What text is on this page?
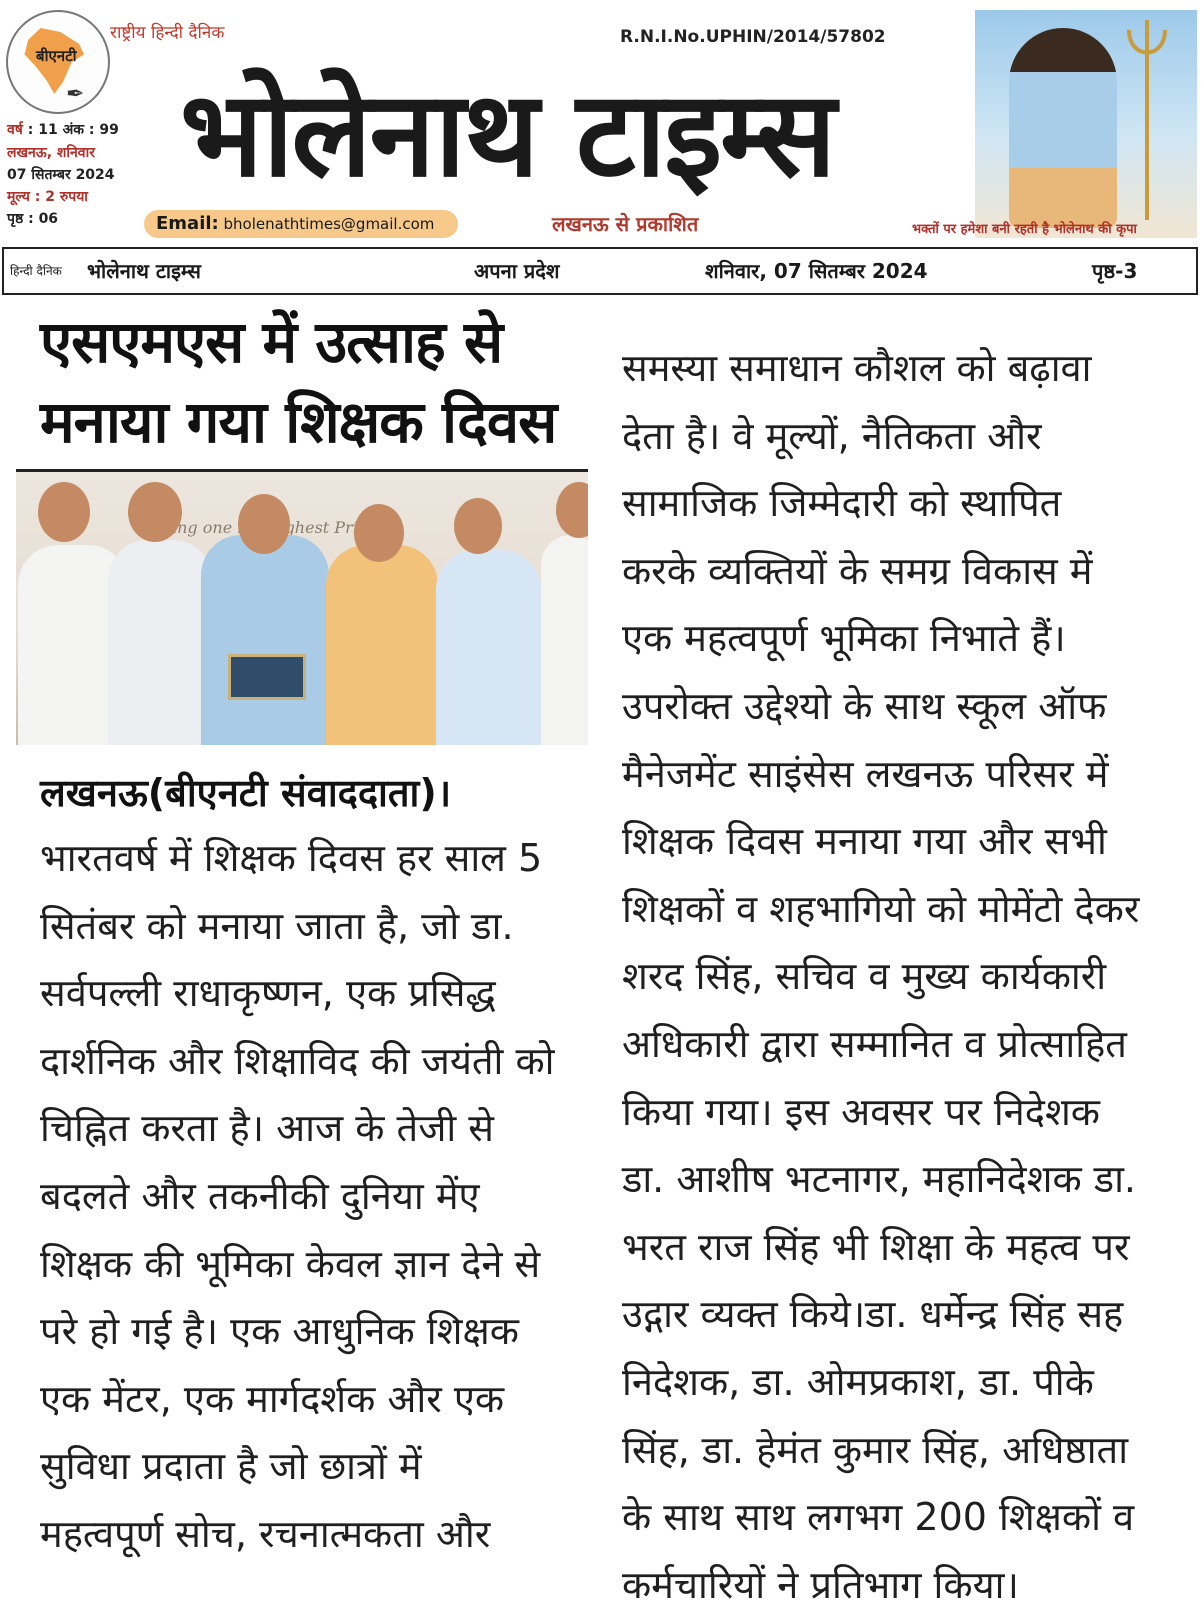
बीएनटी
✒
राष्ट्रीय हिन्दी दैनिक
वर्ष : 11 अंक : 99
लखनऊ, शनिवार
07 सितम्बर 2024
मूल्य : 2 रुपया
पृष्ठ : 06
R.N.I.No.UPHIN/2014/57802
भोलेनाथ टाइम्स
Email: bholenathtimes@gmail.com	लखनऊ से प्रकाशित	भक्तों पर हमेशा बनी रहती है भोलेनाथ की कृपा
हिन्दी दैनिक भोलेनाथ टाइम्स	अपना प्रदेश	शनिवार, 07 सितम्बर 2024	पृष्ठ-3
एसएमएस में उत्साह से मनाया गया शिक्षक दिवस
one …ighest
लखनऊ(बीएनटी संवाददाता)।

भारतवर्ष में शिक्षक दिवस हर साल 5
सितंबर को मनाया जाता है, जो डा.
सर्वपल्ली राधाकृष्णन, एक प्रसिद्ध
दार्शनिक और शिक्षाविद की जयंती को
चिह्नित करता है। आज के तेजी से
बदलते और तकनीकी दुनिया मेंए
शिक्षक की भूमिका केवल ज्ञान देने से
परे हो गई है। एक आधुनिक शिक्षक
एक मेंटर, एक मार्गदर्शक और एक
सुविधा प्रदाता है जो छात्रों में
महत्वपूर्ण सोच, रचनात्मकता और

समस्या समाधान कौशल को बढ़ावा
देता है। वे मूल्यों, नैतिकता और
सामाजिक जिम्मेदारी को स्थापित
करके व्यक्तियों के समग्र विकास में
एक महत्वपूर्ण भूमिका निभाते हैं।
उपरोक्त उद्देश्यो के साथ स्कूल ऑफ
मैनेजमेंट साइंसेस लखनऊ परिसर में
शिक्षक दिवस मनाया गया और सभी
शिक्षकों व शहभागियो को मोमेंटो देकर
शरद सिंह, सचिव व मुख्य कार्यकारी
अधिकारी द्वारा सम्मानित व प्रोत्साहित
किया गया। इस अवसर पर निदेशक
डा. आशीष भटनागर, महानिदेशक डा.
भरत राज सिंह भी शिक्षा के महत्व पर
उद्गार व्यक्त किये।डा. धर्मेन्द्र सिंह सह
निदेशक, डा. ओमप्रकाश, डा. पीके
सिंह, डा. हेमंत कुमार सिंह, अधिष्ठाता
के साथ साथ लगभग 200 शिक्षकों व
कर्मचारियों ने प्रतिभाग किया।
